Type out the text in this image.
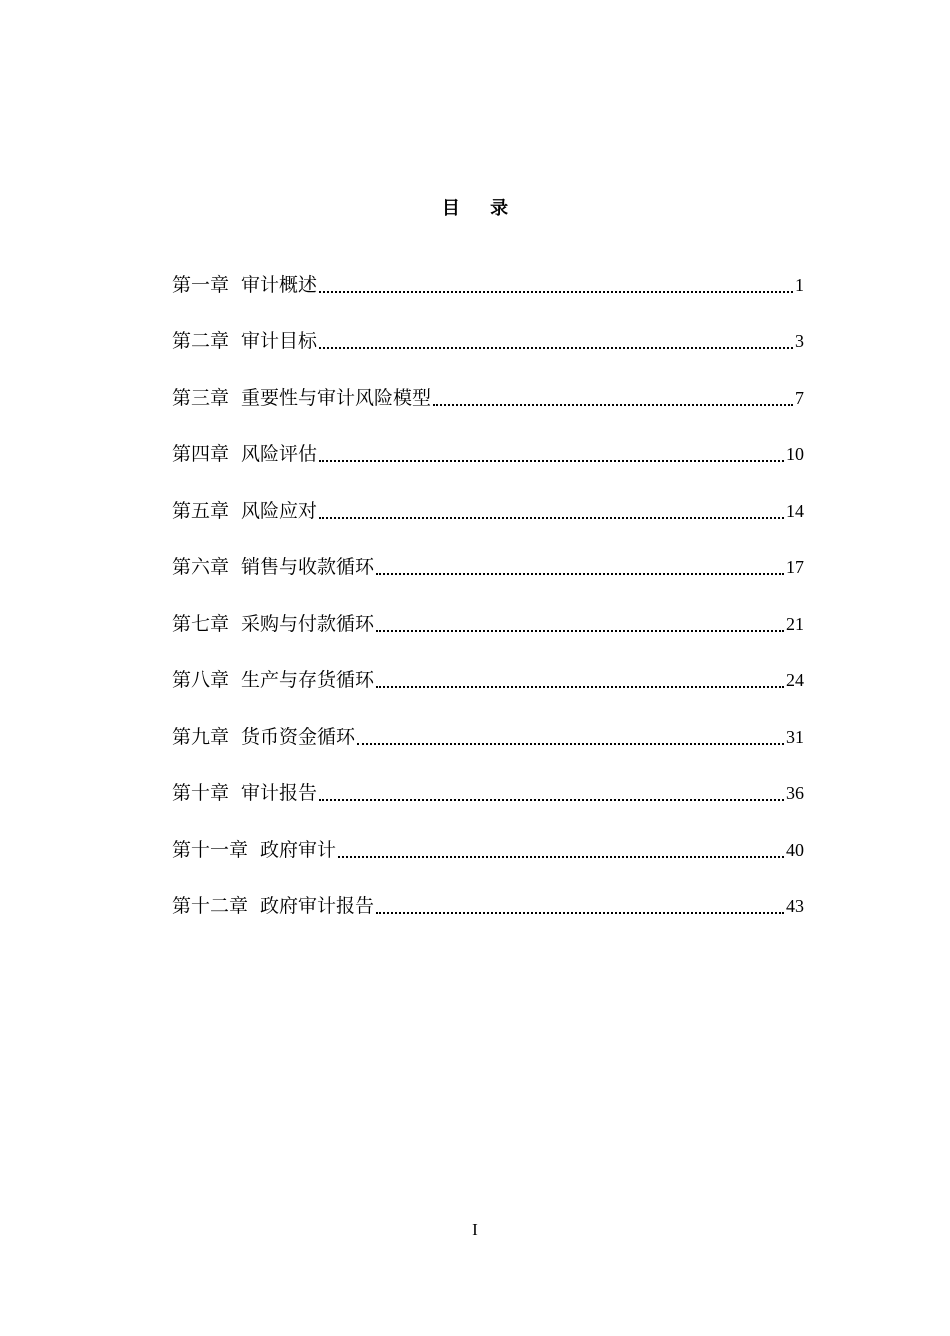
目 录
第一章 审计概述	1
第二章 审计目标	3
第三章 重要性与审计风险模型	7
第四章 风险评估	10
第五章 风险应对	14
第六章 销售与收款循环	17
第七章 采购与付款循环	21
第八章 生产与存货循环	24
第九章 货币资金循环	31
第十章 审计报告	36
第十一章 政府审计	40
第十二章 政府审计报告	43
I
